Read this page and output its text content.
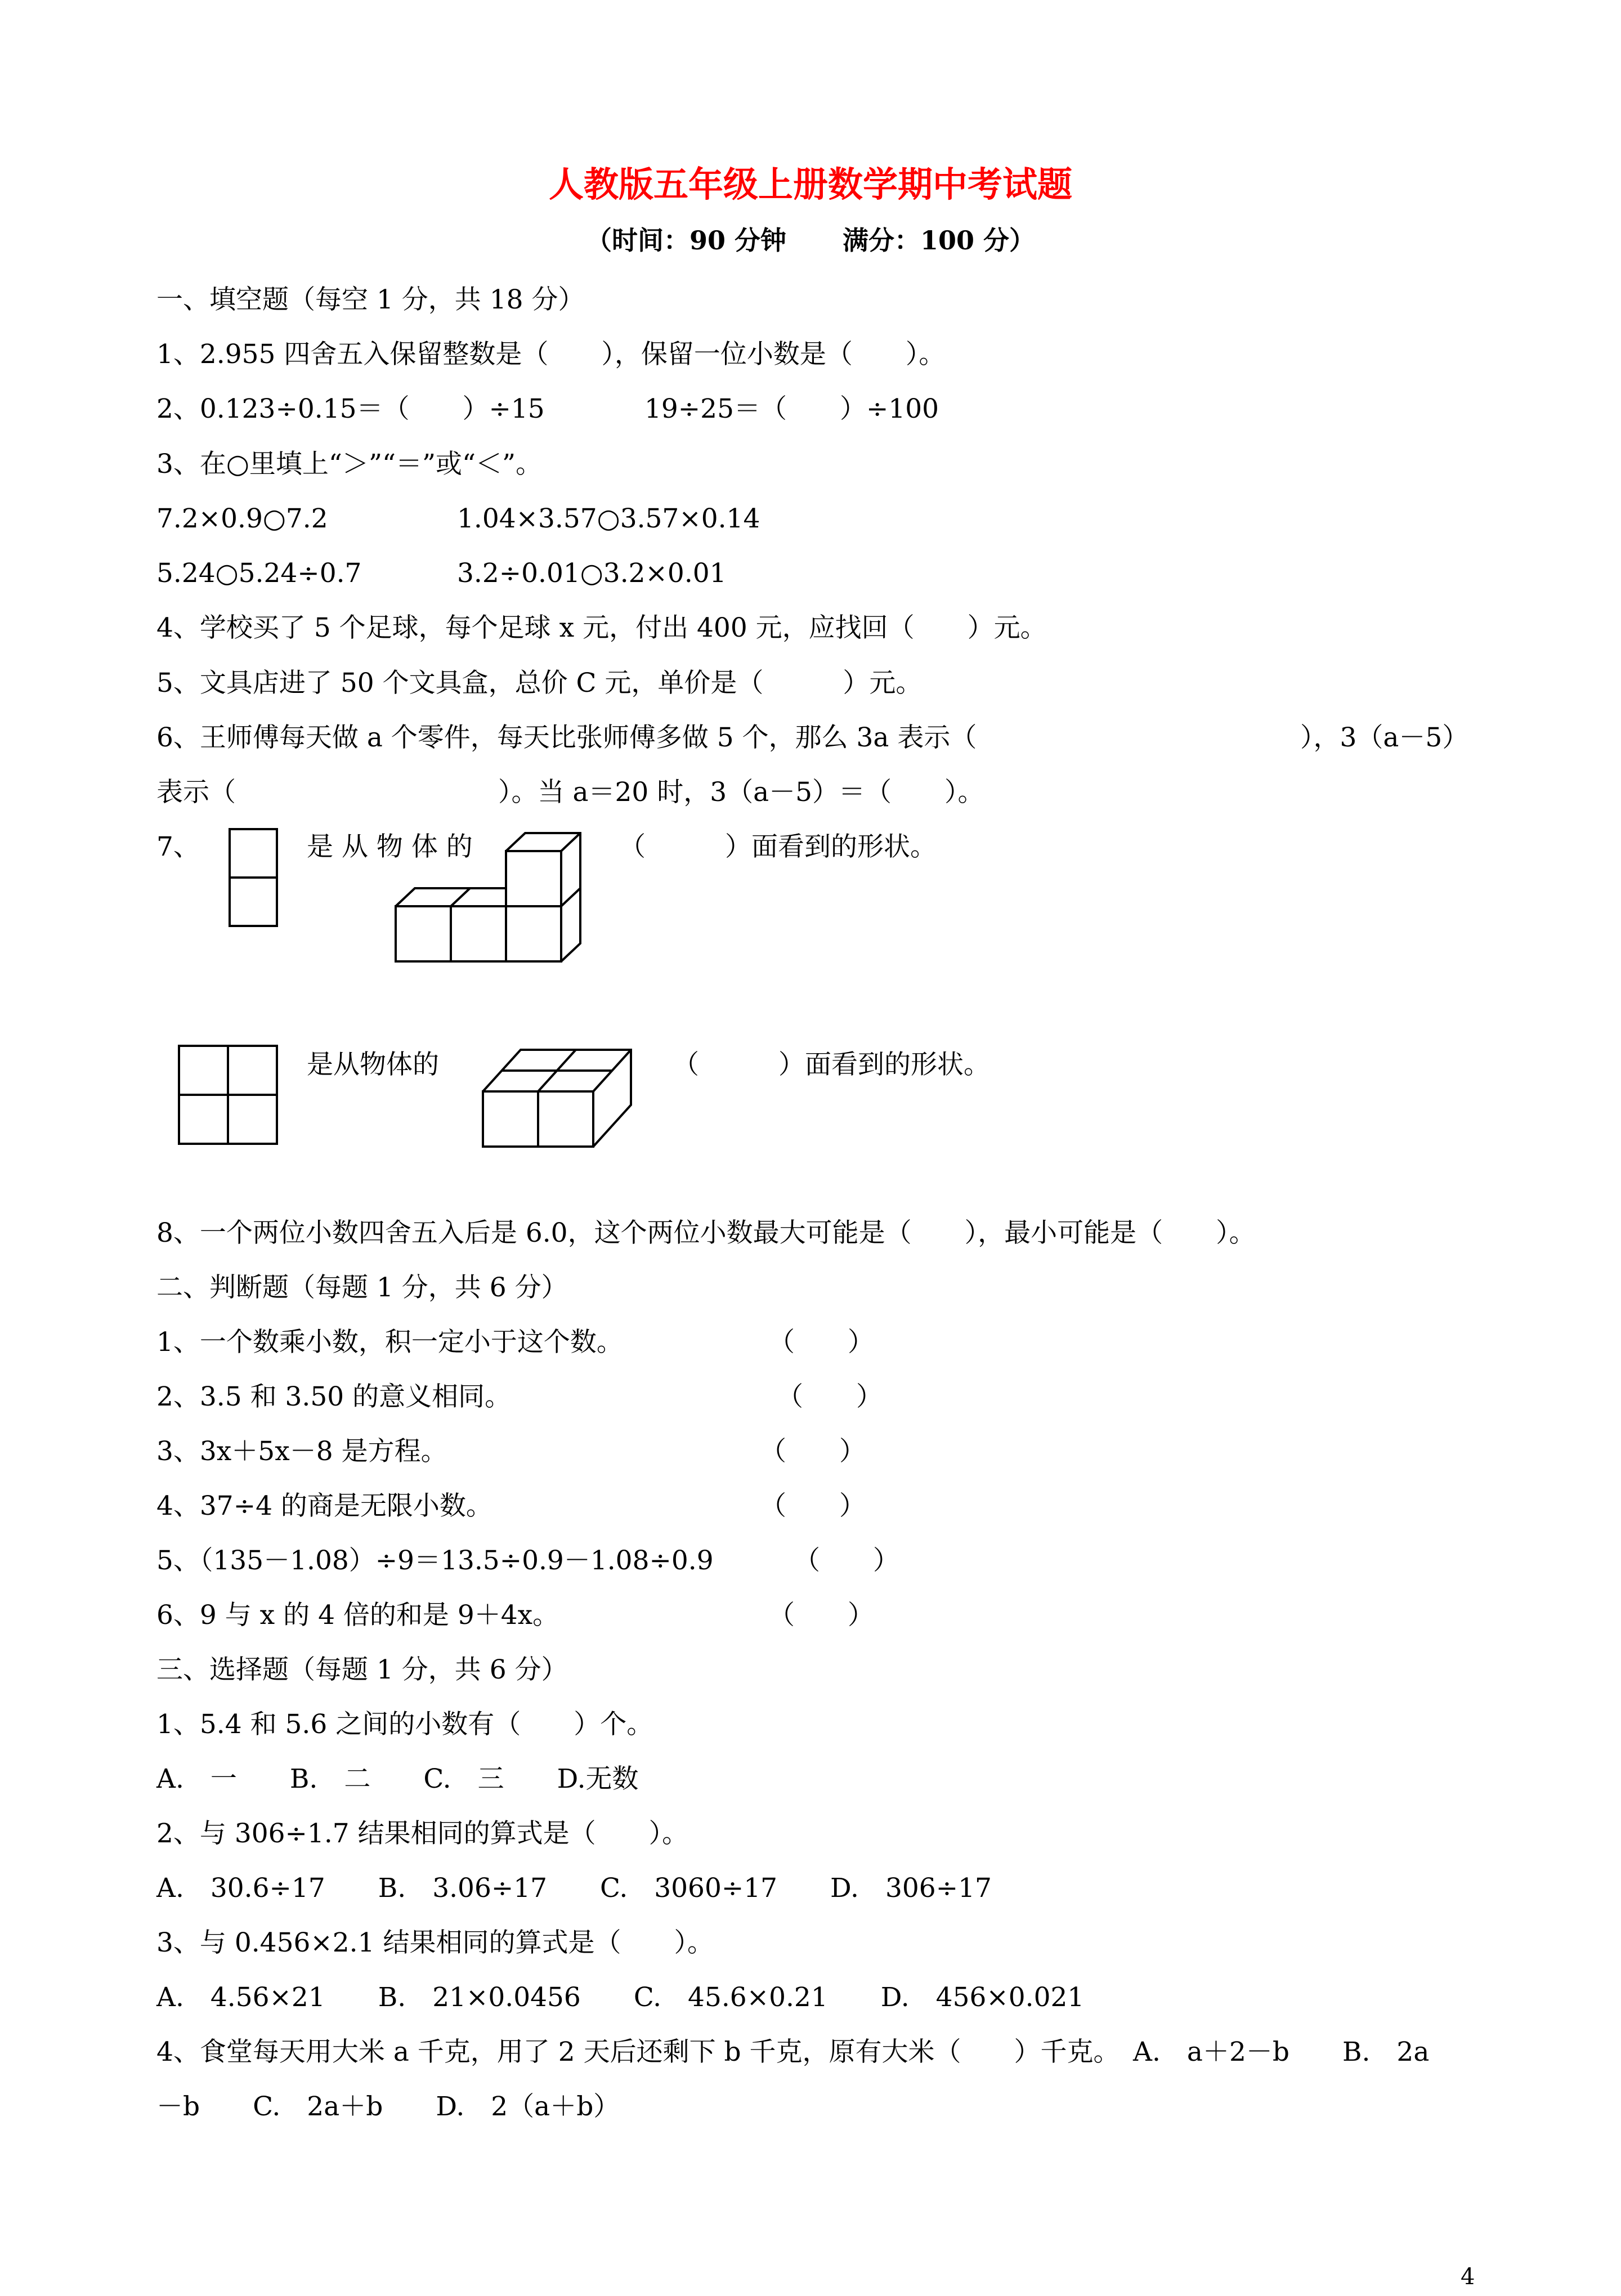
人教版五年级上册数学期中考试题
（时间：90 分钟 满分：100 分）
一、填空题（每空 1 分，共 18 分）
1、2.955 四舍五入保留整数是（　　），保留一位小数是（　　）。
2、0.123÷0.15＝（　　）÷15	19÷25＝（　　）÷100
3、在○里填上“＞”“＝”或“＜”。
7.2×0.9○7.2	1.04×3.57○3.57×0.14
5.24○5.24÷0.7	3.2÷0.01○3.2×0.01
4、学校买了 5 个足球，每个足球 x 元，付出 400 元，应找回（　　）元。
5、文具店进了 50 个文具盒，总价 C 元，单价是（　　　）元。
6、王师傅每天做 a 个零件，每天比张师傅多做 5 个，那么 3a 表示（	），3（a－5）
表示（	）。当 a＝20 时，3（a－5）＝（　　）。
7、	是 从 物 体 的	（　　　）面看到的形状。
是从物体的	（　　　）面看到的形状。
8、一个两位小数四舍五入后是 6.0，这个两位小数最大可能是（　　），最小可能是（　　）。
二、判断题（每题 1 分，共 6 分）
1、一个数乘小数，积一定小于这个数。	（　　）
2、3.5 和 3.50 的意义相同。	（　　）
3、3x＋5x－8 是方程。	（　　）
4、37÷4 的商是无限小数。	（　　）
5、（135－1.08）÷9＝13.5÷0.9－1.08÷0.9	（　　）
6、9 与 x 的 4 倍的和是 9＋4x。	（　　）
三、选择题（每题 1 分，共 6 分）
1、5.4 和 5.6 之间的小数有（　　）个。
A.　一　　B.　二　　C.　三　　D.无数
2、与 306÷1.7 结果相同的算式是（　　）。
A.　30.6÷17　　B.　3.06÷17　　C.　3060÷17　　D.　306÷17
3、与 0.456×2.1 结果相同的算式是（　　）。
A.　4.56×21　　B.　21×0.0456　　C.　45.6×0.21　　D.　456×0.021
4、食堂每天用大米 a 千克，用了 2 天后还剩下 b 千克，原有大米（　　）千克。　A.　a＋2－b　　B.　2a
－b　　C.　2a＋b　　D.　2（a＋b）
4
